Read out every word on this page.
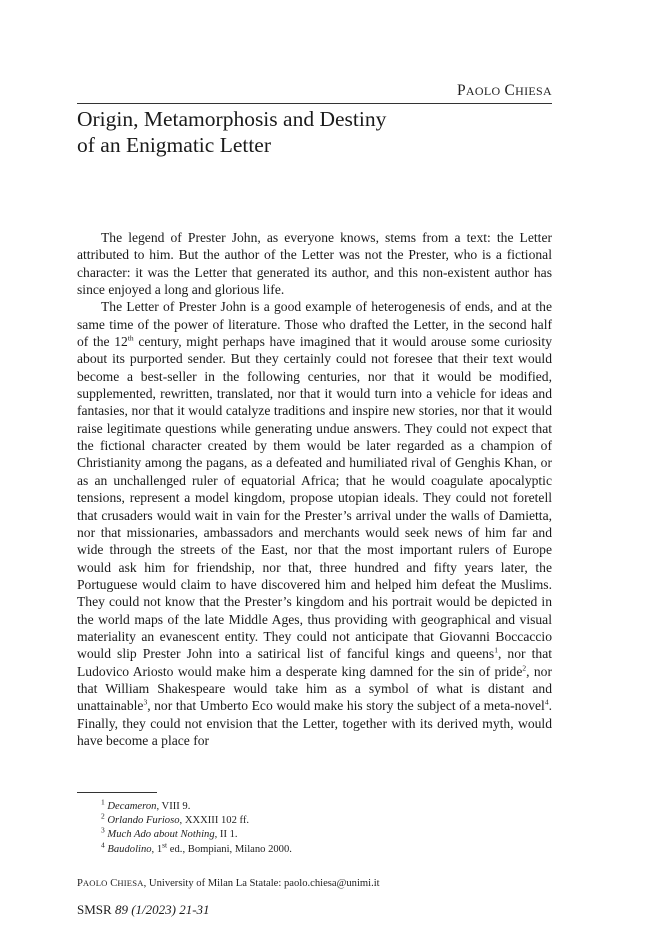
PAOLO CHIESA
Origin, Metamorphosis and Destiny
of an Enigmatic Letter

The legend of Prester John, as everyone knows, stems from a text: the Letter attributed to him. But the author of the Letter was not the Prester, who is a fictional character: it was the Letter that generated its author, and this non-existent author has since enjoyed a long and glorious life.

The Letter of Prester John is a good example of heterogenesis of ends, and at the same time of the power of literature. Those who drafted the Letter, in the second half of the 12th century, might perhaps have imagined that it would arouse some curiosity about its purported sender. But they certainly could not foresee that their text would become a best-seller in the following centuries, nor that it would be modified, supplemented, rewritten, translated, nor that it would turn into a vehicle for ideas and fantasies, nor that it would catalyze traditions and inspire new stories, nor that it would raise legitimate questions while generating undue answers. They could not expect that the fictional character created by them would be later regarded as a champion of Christianity among the pagans, as a defeated and humiliated rival of Genghis Khan, or as an unchallenged ruler of equatorial Africa; that he would coagulate apocalyptic tensions, represent a model kingdom, propose utopian ideals. They could not foretell that crusaders would wait in vain for the Prester’s arrival under the walls of Damietta, nor that missionaries, ambassadors and merchants would seek news of him far and wide through the streets of the East, nor that the most important rulers of Europe would ask him for friendship, nor that, three hundred and fifty years later, the Portuguese would claim to have discovered him and helped him defeat the Muslims. They could not know that the Prester’s kingdom and his portrait would be depicted in the world maps of the late Middle Ages, thus providing with geographical and visual materiality an evanescent entity. They could not anticipate that Giovanni Boccaccio would slip Prester John into a satirical list of fanciful kings and queens$^1$, nor that Ludovico Ariosto would make him a desperate king damned for the sin of pride$^2$, nor that William Shakespeare would take him as a symbol of what is distant and unattainable$^3$, nor that Umberto Eco would make his story the subject of a meta-novel$^4$. Finally, they could not envision that the Letter, together with its derived myth, would have become a place for

$^1$ Decameron, VIII 9.
$^2$ Orlando Furioso, XXXIII 102 ff.
$^3$ Much Ado about Nothing, II 1.
$^4$ Baudolino, 1st ed., Bompiani, Milano 2000.
PAOLO CHIESA, University of Milan La Statale: paolo.chiesa@unimi.it
SMSR 89 (1/2023) 21-31
